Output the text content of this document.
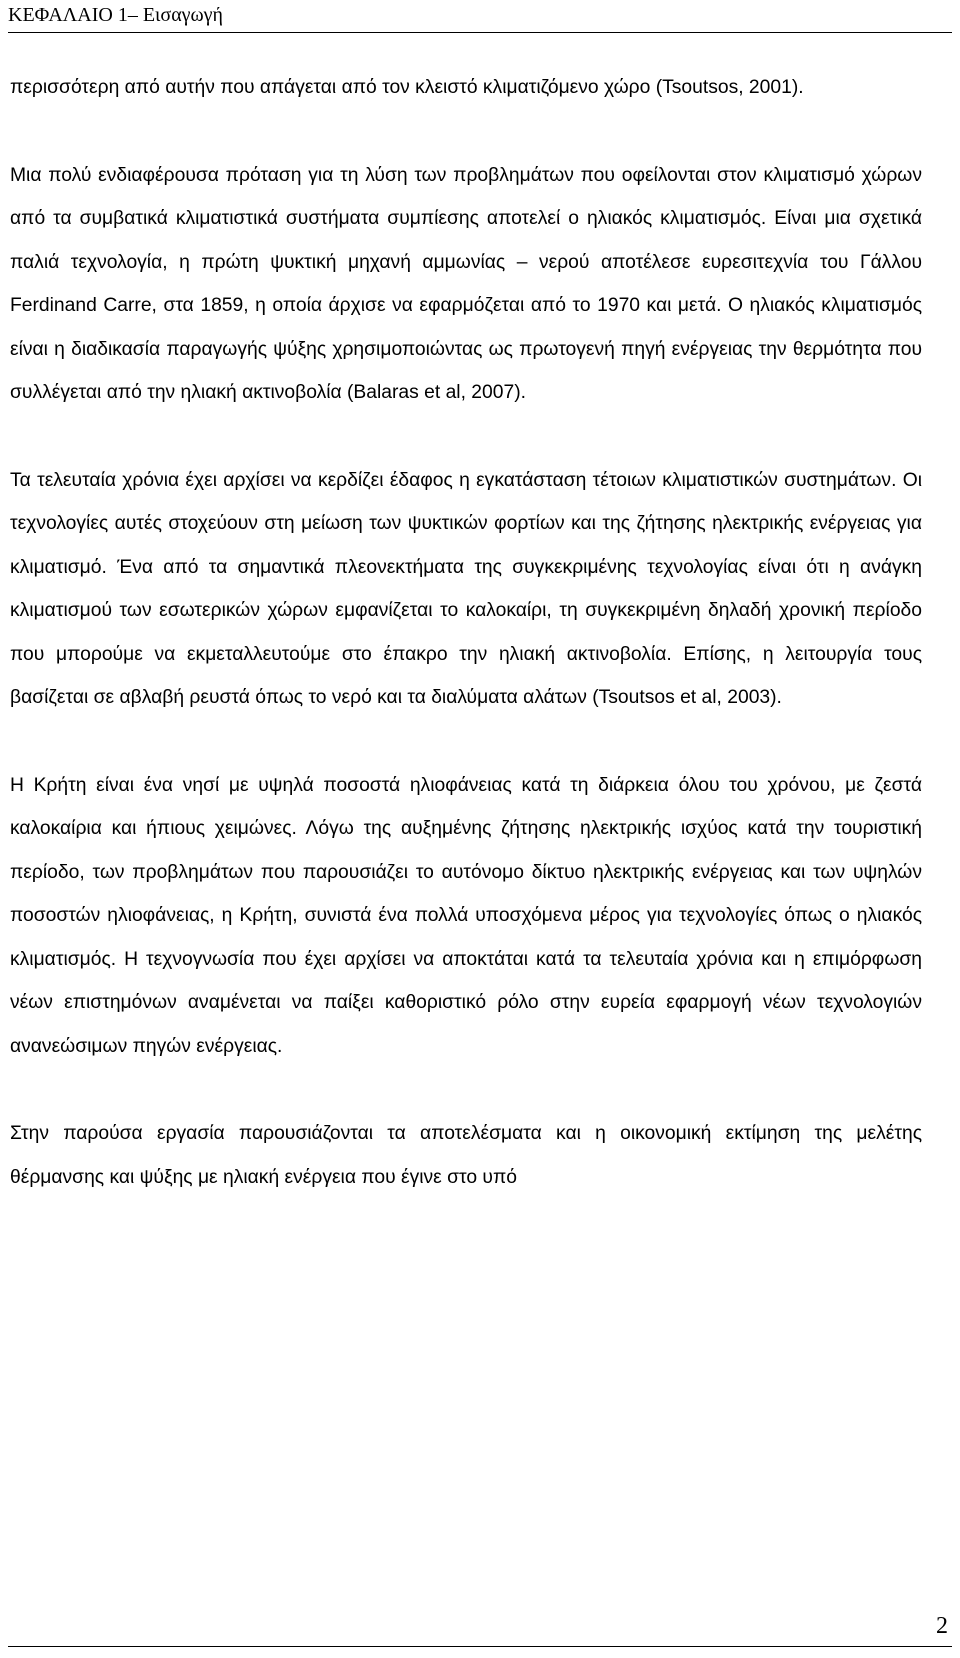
ΚΕΦΑΛΑΙΟ 1– Εισαγωγή

περισσότερη από αυτήν που απάγεται από τον κλειστό κλιματιζόμενο χώρο (Tsoutsos, 2001).

Μια πολύ ενδιαφέρουσα πρόταση για τη λύση των προβλημάτων που οφείλονται στον κλιματισμό χώρων από τα συμβατικά κλιματιστικά συστήματα συμπίεσης αποτελεί ο ηλιακός κλιματισμός. Είναι μια σχετικά παλιά τεχνολογία, η πρώτη ψυκτική μηχανή αμμωνίας – νερού αποτέλεσε ευρεσιτεχνία του Γάλλου Ferdinand Carre, στα 1859, η οποία άρχισε να εφαρμόζεται από το 1970 και μετά. Ο ηλιακός κλιματισμός είναι η διαδικασία παραγωγής ψύξης χρησιμοποιώντας ως πρωτογενή πηγή ενέργειας την θερμότητα που συλλέγεται από την ηλιακή ακτινοβολία (Balaras et al, 2007).

Τα τελευταία χρόνια έχει αρχίσει να κερδίζει έδαφος η εγκατάσταση τέτοιων κλιματιστικών συστημάτων. Οι τεχνολογίες αυτές στοχεύουν στη μείωση των ψυκτικών φορτίων και της ζήτησης ηλεκτρικής ενέργειας για κλιματισμό. Ένα από τα σημαντικά πλεονεκτήματα της συγκεκριμένης τεχνολογίας είναι ότι η ανάγκη κλιματισμού των εσωτερικών χώρων εμφανίζεται το καλοκαίρι, τη συγκεκριμένη δηλαδή χρονική περίοδο που μπορούμε να εκμεταλλευτούμε στο έπακρο την ηλιακή ακτινοβολία. Επίσης, η λειτουργία τους βασίζεται σε αβλαβή ρευστά όπως το νερό και τα διαλύματα αλάτων (Tsoutsos et al, 2003).

Η Κρήτη είναι ένα νησί με υψηλά ποσοστά ηλιοφάνειας κατά τη διάρκεια όλου του χρόνου, με ζεστά καλοκαίρια και ήπιους χειμώνες. Λόγω της αυξημένης ζήτησης ηλεκτρικής ισχύος κατά την τουριστική περίοδο, των προβλημάτων που παρουσιάζει το αυτόνομο δίκτυο ηλεκτρικής ενέργειας και των υψηλών ποσοστών ηλιοφάνειας, η Κρήτη, συνιστά ένα πολλά υποσχόμενα μέρος για τεχνολογίες όπως ο ηλιακός κλιματισμός. Η τεχνογνωσία που έχει αρχίσει να αποκτάται κατά τα τελευταία χρόνια και η επιμόρφωση νέων επιστημόνων αναμένεται να παίξει καθοριστικό ρόλο στην ευρεία εφαρμογή νέων τεχνολογιών ανανεώσιμων πηγών ενέργειας.

Στην παρούσα εργασία παρουσιάζονται τα αποτελέσματα και η οικονομική εκτίμηση της μελέτης θέρμανσης και ψύξης με ηλιακή ενέργεια που έγινε στο υπό

2
